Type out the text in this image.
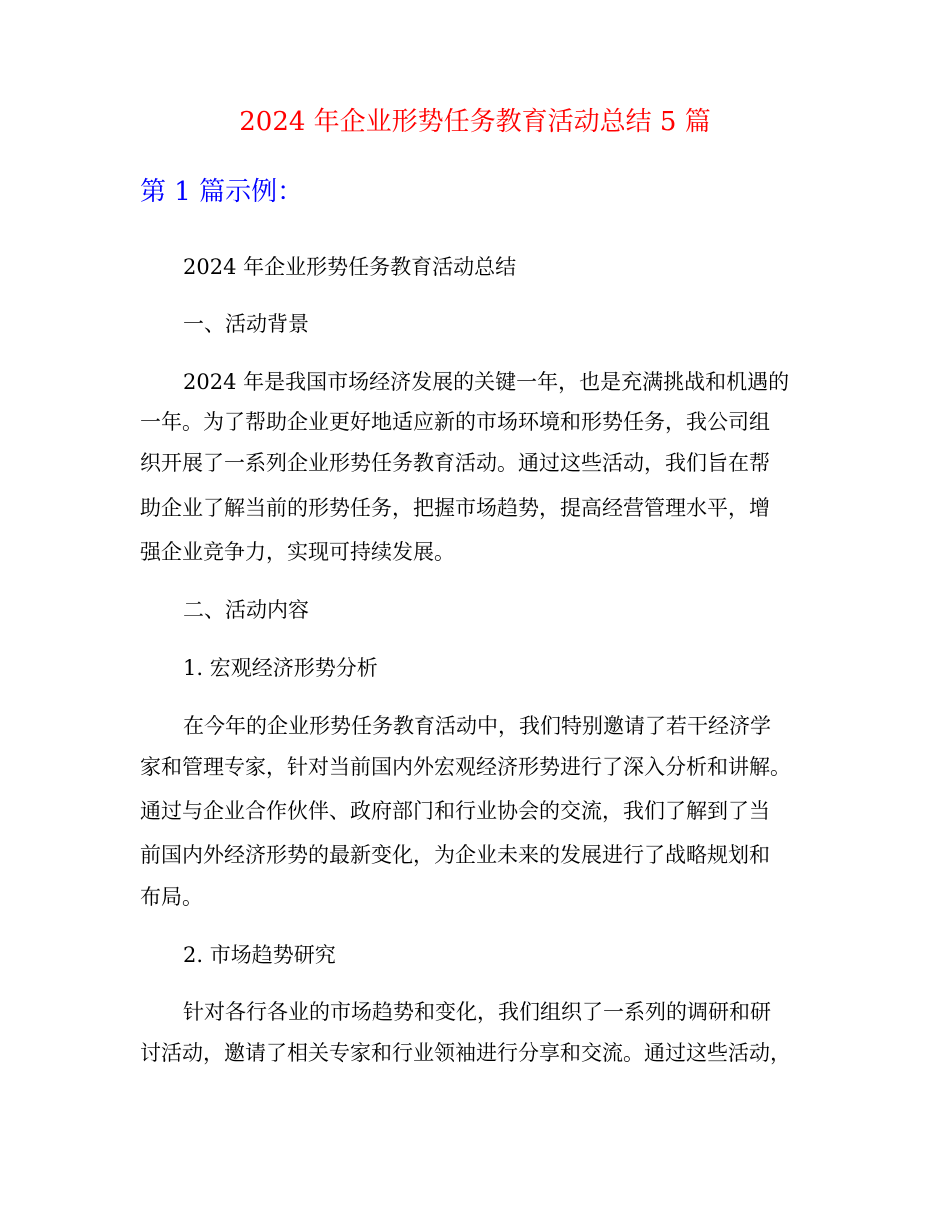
2024 年企业形势任务教育活动总结 5 篇
第 1 篇示例：

2024 年企业形势任务教育活动总结

一、活动背景

2024 年是我国市场经济发展的关键一年，也是充满挑战和机遇的

一年。为了帮助企业更好地适应新的市场环境和形势任务，我公司组

织开展了一系列企业形势任务教育活动。通过这些活动，我们旨在帮

助企业了解当前的形势任务，把握市场趋势，提高经营管理水平，增

强企业竞争力，实现可持续发展。

二、活动内容

1. 宏观经济形势分析

在今年的企业形势任务教育活动中，我们特别邀请了若干经济学

家和管理专家，针对当前国内外宏观经济形势进行了深入分析和讲解。

通过与企业合作伙伴、政府部门和行业协会的交流，我们了解到了当

前国内外经济形势的最新变化，为企业未来的发展进行了战略规划和

布局。

2. 市场趋势研究

针对各行各业的市场趋势和变化，我们组织了一系列的调研和研

讨活动，邀请了相关专家和行业领袖进行分享和交流。通过这些活动，
